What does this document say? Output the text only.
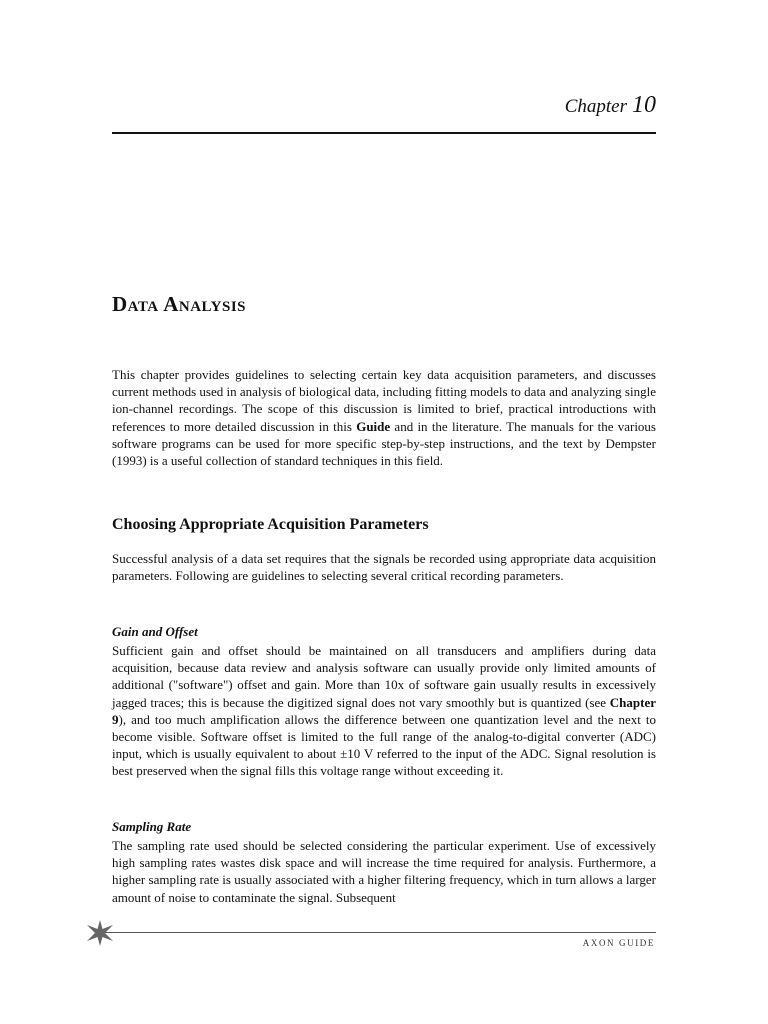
Chapter 10
Data Analysis

This chapter provides guidelines to selecting certain key data acquisition parameters, and discusses current methods used in analysis of biological data, including fitting models to data and analyzing single ion-channel recordings. The scope of this discussion is limited to brief, practical introductions with references to more detailed discussion in this Guide and in the literature. The manuals for the various software programs can be used for more specific step-by-step instructions, and the text by Dempster (1993) is a useful collection of standard techniques in this field.

Choosing Appropriate Acquisition Parameters

Successful analysis of a data set requires that the signals be recorded using appropriate data acquisition parameters. Following are guidelines to selecting several critical recording parameters.

Gain and Offset

Sufficient gain and offset should be maintained on all transducers and amplifiers during data acquisition, because data review and analysis software can usually provide only limited amounts of additional ("software") offset and gain. More than 10x of software gain usually results in excessively jagged traces; this is because the digitized signal does not vary smoothly but is quantized (see Chapter 9), and too much amplification allows the difference between one quantization level and the next to become visible. Software offset is limited to the full range of the analog-to-digital converter (ADC) input, which is usually equivalent to about ±10 V referred to the input of the ADC. Signal resolution is best preserved when the signal fills this voltage range without exceeding it.

Sampling Rate

The sampling rate used should be selected considering the particular experiment. Use of excessively high sampling rates wastes disk space and will increase the time required for analysis. Furthermore, a higher sampling rate is usually associated with a higher filtering frequency, which in turn allows a larger amount of noise to contaminate the signal. Subsequent

AXON GUIDE
